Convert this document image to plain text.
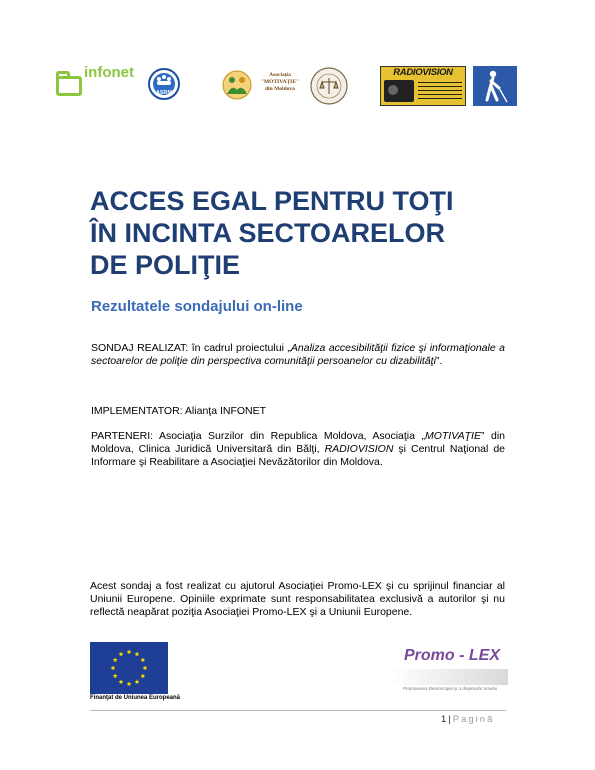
infonet
ASRM
Asociaţia
"MOTIVAŢIE"
din Moldova
RADIOVISION
ACCES EGAL PENTRU TOŢI
ÎN INCINTA SECTOARELOR
DE POLIŢIE
Rezultatele sondajului on-line

SONDAJ REALIZAT: în cadrul proiectului „Analiza accesibilităţii fizice şi informaţionale a sectoarelor de poliţie din perspectiva comunităţii persoanelor cu dizabilităţi”.

IMPLEMENTATOR: Alianţa INFONET

PARTENERI: Asociaţia Surzilor din Republica Moldova, Asociaţia „MOTIVAŢIE” din Moldova, Clinica Juridică Universitară din Bălţi, RADIOVISION şi Centrul Naţional de Informare şi Reabilitare a Asociaţiei Nevăzătorilor din Moldova.

Acest sondaj a fost realizat cu ajutorul Asociaţiei Promo-LEX şi cu sprijinul financiar al Uniunii Europene. Opiniile exprimate sunt responsabilitatea exclusivă a autorilor şi nu reflectă neapărat poziţia Asociaţiei Promo-LEX şi a Uniunii Europene.

Finanţat de Uniunea Europeană
Promo - LEX
Promovarea Democraţiei şi a drepturilor omului
1 | Pagină
